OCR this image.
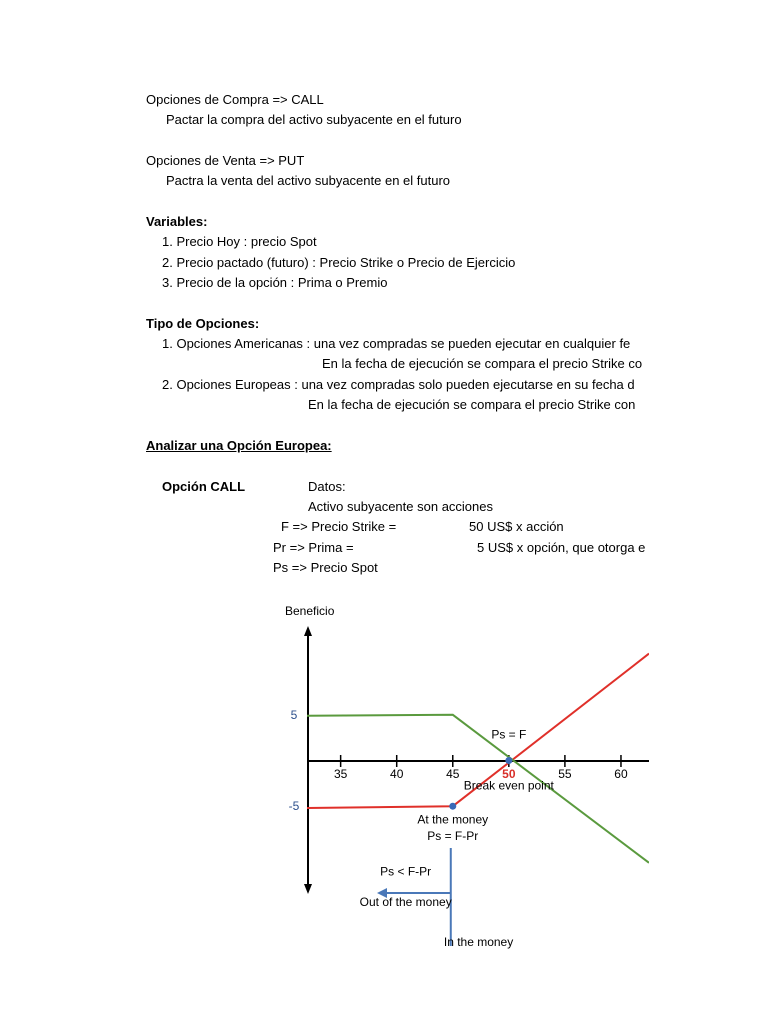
Opciones de Compra => CALL
Pactar la compra del activo subyacente en el futuro
Opciones de Venta => PUT
Pactra la venta del activo subyacente en el futuro
Variables:
1. Precio Hoy : precio Spot
2. Precio pactado (futuro) : Precio Strike o Precio de Ejercicio
3. Precio de la opción : Prima o Premio
Tipo de Opciones:
1. Opciones Americanas : una vez compradas se pueden ejecutar en cualquier fe
En la fecha de ejecución se compara el precio Strike co
2. Opciones Europeas : una vez compradas solo pueden ejecutarse en su fecha d
En la fecha de ejecución se compara el precio Strike con
Analizar una Opción Europea:
Opción CALL	Datos:
Activo subyacente son acciones
F => Precio Strike =	50 US$ x acción
Pr => Prima =	5 US$ x opción, que otorga e
Ps => Precio Spot
Beneficio
35	40	45	50	55	60
5
-5
Ps = F
Break even point
At the money
Ps = F-Pr
Ps < F-Pr
Out of the money
In the money
